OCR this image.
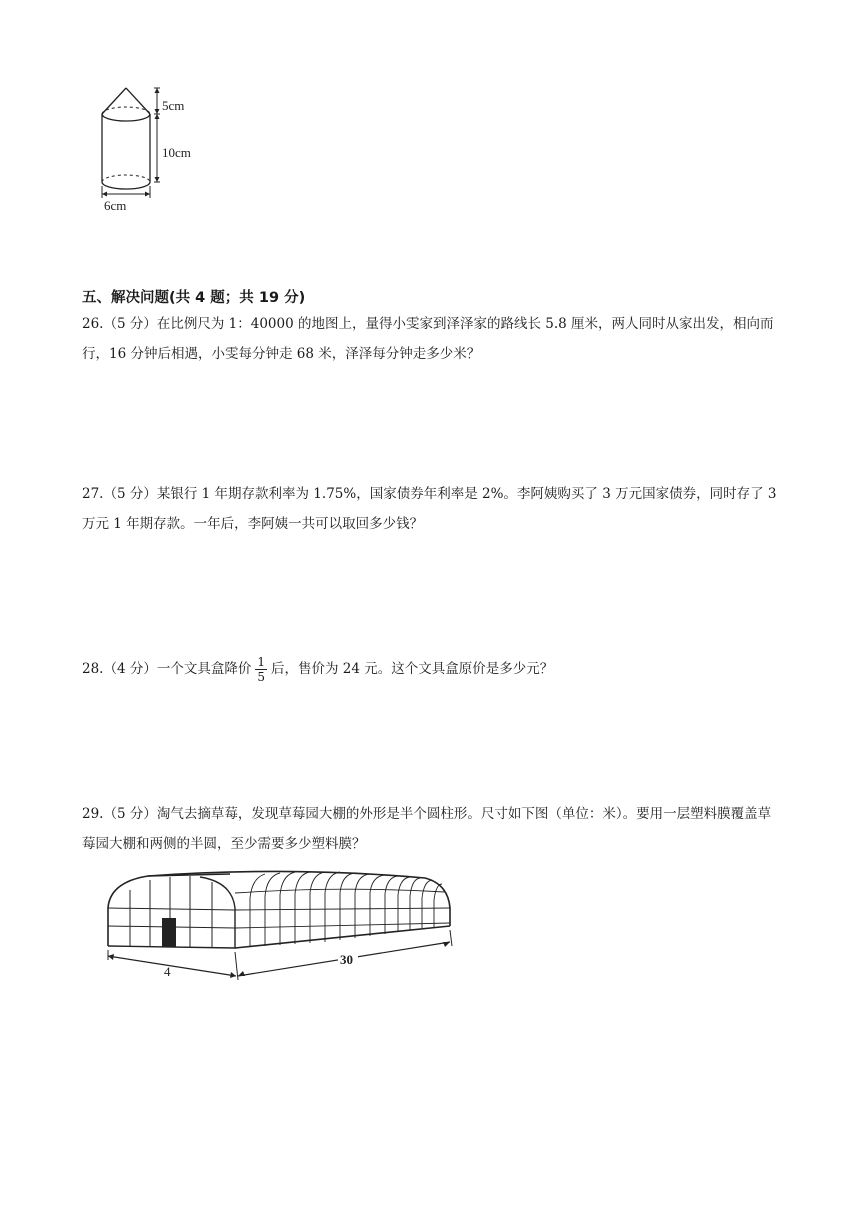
5cm
10cm
6cm
五、解决问题(共 4 题；共 19 分)

26.（5 分）在比例尺为 1：40000 的地图上，量得小雯家到泽泽家的路线长 5.8 厘米，两人同时从家出发，相向而行，16 分钟后相遇，小雯每分钟走 68 米，泽泽每分钟走多少米？

27.（5 分）某银行 1 年期存款利率为 1.75%，国家债券年利率是 2%。李阿姨购买了 3 万元国家债券，同时存了 3 万元 1 年期存款。一年后，李阿姨一共可以取回多少钱？

28.（4 分）一个文具盒降价 $\frac{1}{5}$ 后，售价为 24 元。这个文具盒原价是多少元？

29.（5 分）淘气去摘草莓，发现草莓园大棚的外形是半个圆柱形。尺寸如下图（单位：米）。要用一层塑料膜覆盖草莓园大棚和两侧的半圆，至少需要多少塑料膜？

4
30
